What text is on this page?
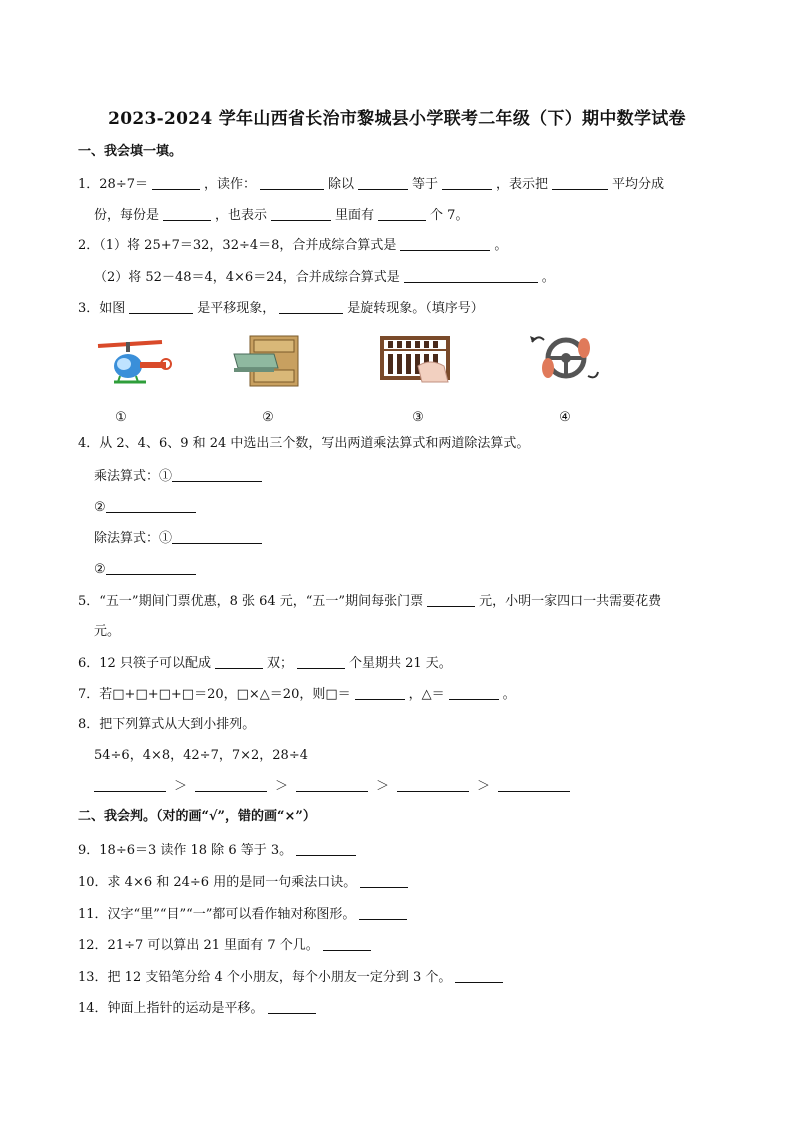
2023-2024 学年山西省长治市黎城县小学联考二年级（下）期中数学试卷
一、我会填一填。
1．28÷7＝	，读作：	除以	等于	，表示把	平均分成
份，每份是	，也表示	里面有	个 7。
2．（1）将 25+7＝32，32÷4＝8，合并成综合算式是	。
（2）将 52－48＝4，4×6＝24，合并成综合算式是	。
3．如图	是平移现象，	是旋转现象。（填序号）
①	②	③	④
4．从 2、4、6、9 和 24 中选出三个数，写出两道乘法算式和两道除法算式。
乘法算式：①
②
除法算式：①
②
5．“五一”期间门票优惠，8 张 64 元，“五一”期间每张门票	元，小明一家四口一共需要花费
元。
6．12 只筷子可以配成	双；	个星期共 21 天。
7．若□+□+□+□＝20，□×△＝20，则□＝	，△＝	。
8．把下列算式从大到小排列。
54÷6，4×8，42÷7，7×2，28÷4
＞	＞	＞	＞
二、我会判。（对的画“√”，错的画“×”）
9．18÷6＝3 读作 18 除 6 等于 3。
10．求 4×6 和 24÷6 用的是同一句乘法口诀。
11．汉字“里”“目”“一”都可以看作轴对称图形。
12．21÷7 可以算出 21 里面有 7 个几。
13．把 12 支铅笔分给 4 个小朋友，每个小朋友一定分到 3 个。
14．钟面上指针的运动是平移。
